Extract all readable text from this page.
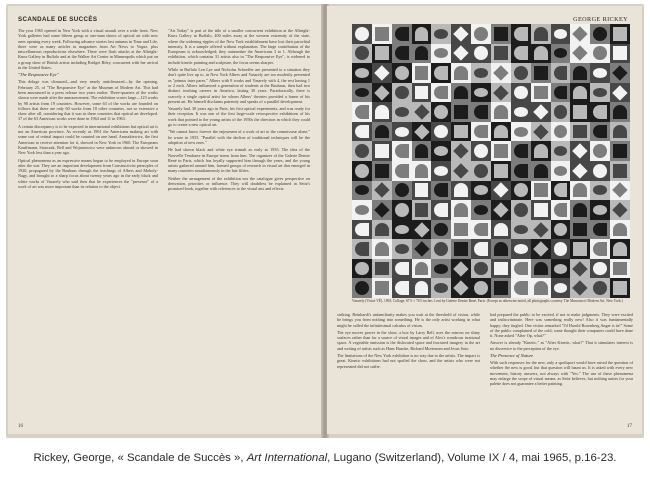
SCANDALE DE SUCCÈS

The year 1965 opened in New York with a visual assault over a wide front. New York galleries had some fifteen group or one-man shows of optical art with new ones opening every week. Following advance stories last autumn in Time and Life, there were as many articles in magazines from Art News to Vogue, plus miscellaneous reproductions elsewhere. There were flash attacks at the Albright-Knox Gallery in Buffalo and at the Walker Art Center in Minneapolis which put on a group show of British artists including Bridget Riley, concurrent with her arrival in the United States.

"The Responsive Eye"

This deluge was climaxed—and very nearly anticlimaxed—by the opening, February 25, of "The Responsive Eye" at the Museum of Modern Art. This had been announced in a press release two years earlier. Three-quarters of the works shown were made after the announcement. The exhibition scores large—123 works by 98 artists from 19 countries. However, some 63 of the works are founded on follows that there are only 60 works from 18 other countries, not so extensive a show after all, considering that it was in these countries that optical art developed. 37 of the 63 American works were done in 1964 and 11 in 1963.

A certain discrepancy is to be expected in international exhibitions but optical art is not an American province. As recently as 1961 the Americans making art with some sort of retinal impact could be counted on one hand. Anuszkiewicz, the first American to receive attention for it, showed in New York in 1960. The Europeans Kauffmann, Stanczak, Bell and Wojnarowicz were unknown abroad or showed in New York less than a year ago.

Optical phenomena as an expressive means began to be employed in Europe soon after the war. They are an important development from Constructivist principles of 1920, propagated by the Bauhaus through the teachings of Albers and Moholy-Nagy, and brought to a sharp focus about twenty years ago in the early black and white works of Vasarely who said then that he experiences the "presence" of a work of art was more important than its relation to the object.

"Art Today" is part of the title of a smaller concurrent exhibition at the Albright-Knox Gallery in Buffalo, 400 miles away at the western extremity of the state, where the widening ripples of the New York establishment have lost their parochial intensity. It is a sample offered without explanation. The large contribution of the Europeans is acknowledged; they outnumber the Americans 3 to 1. Although the exhibition, which contains 31 artists also in "The Responsive Eye", is widened to include kinetic painting and sculpture, the focus seems sharper.

While in Buffalo Len Lye and Nicholas Schoeffer are presented to a situation they don't quite live up to, in New York Albers and Vasarely are too modestly presented as "primus inter pares." Albers with 8 works and Vasarely with 4, the rest having 1 or 2 each. Albers influenced a generation of students at the Bauhaus, then had two distinct teaching careers in America, lasting 30 years. Paradoxically, there is scarcely a single optical artist for whom Albers' theories provided a frame of his present art. He himself disclaims paternity and speaks of a parallel development.

Vasarely had, 30 years ago in Paris, his first optical experiments, and was ready for their reception. It was one of the first large-scale retrospective exhibitions of his work that pointed to the young artists of the 1950s the direction in which they could go to create a new optical art.

"We cannot know forever the enjoyment of a work of art to the connoisseur alone," he wrote in 1955. "Parallel with the decline of traditional techniques will be the adoption of new ones."

He had shown black and white eye stimuli as early as 1935. The idea of the Nouvelle Tendance in Europe stems from him. The organizer of the Galerie Denise René in Paris, which has loyally supported him through the years, and the young artists gathered around him, formed groups of research in visual art that emerged in many countries simultaneously in the late fifties.

Neither the arrangement of the exhibition nor the catalogue gives perspective on derivation, priorities or influence. They will doubtless be explained in Seitz's promised book, together with references to the visual arts and effects.

16
GEORGE RICKEY
Vasarely (Victor VÉ), 1963. Collage, 67½ × 76½ inches. Lent by Galerie Denise René, Paris. (Except as otherwise noted, all photographs courtesy The Museum of Modern Art, New York.)

striking. Reinhardt's unfamiliarity makes you wait at the threshold of vision, while he brings you from nothing into something. He is the only artist working in what might be called the infinitesimal calculus of vision.

The eye moves power in the show, a box by Larry Bell, uses the mirrors on shiny surfaces rather than for a source of visual images and of Alex's wondrous irrational space. A vegetable omission is the dislocated space and fractured imagery in the art and writing of artists such as Hans Haacke, Richard Mortensen and Jesus Soto.

The limitations of the New York exhibition is no way due to the artists. The impact is great. Kinetic exhibitions had not spoiled the show, and the artists who were not represented did not suffer.

had prepared the public to be excited, if not to make judgments. They were excited and indiscriminate. Here was something really new! Also it was fundamentally happy; they tingled. One visitor remarked "I'd Harold Rosenberg Anger is in!" Some of the public complained of the cold; some thought their computers could have done it. None asked "After Op, what?"

Answer is already "Kinetic," as "After Kinetic, what?" That it stimulates interest is no disservice to the perception of the eye.

The Presence of Nature

With such responses for the new, only a spoilsport would have raised the question of whether the new is good, but that question will haunt us. It is asked with every new movement, history answers, not always with "Yes." The use of these phenomena may enlarge the scope of visual means, as Seitz believes, but nothing unites for your palette does not guarantee a better painting.

17
Rickey, George, « Scandale de Succès », Art International, Lugano (Switzerland), Volume IX / 4, mai 1965, p.16-23.
